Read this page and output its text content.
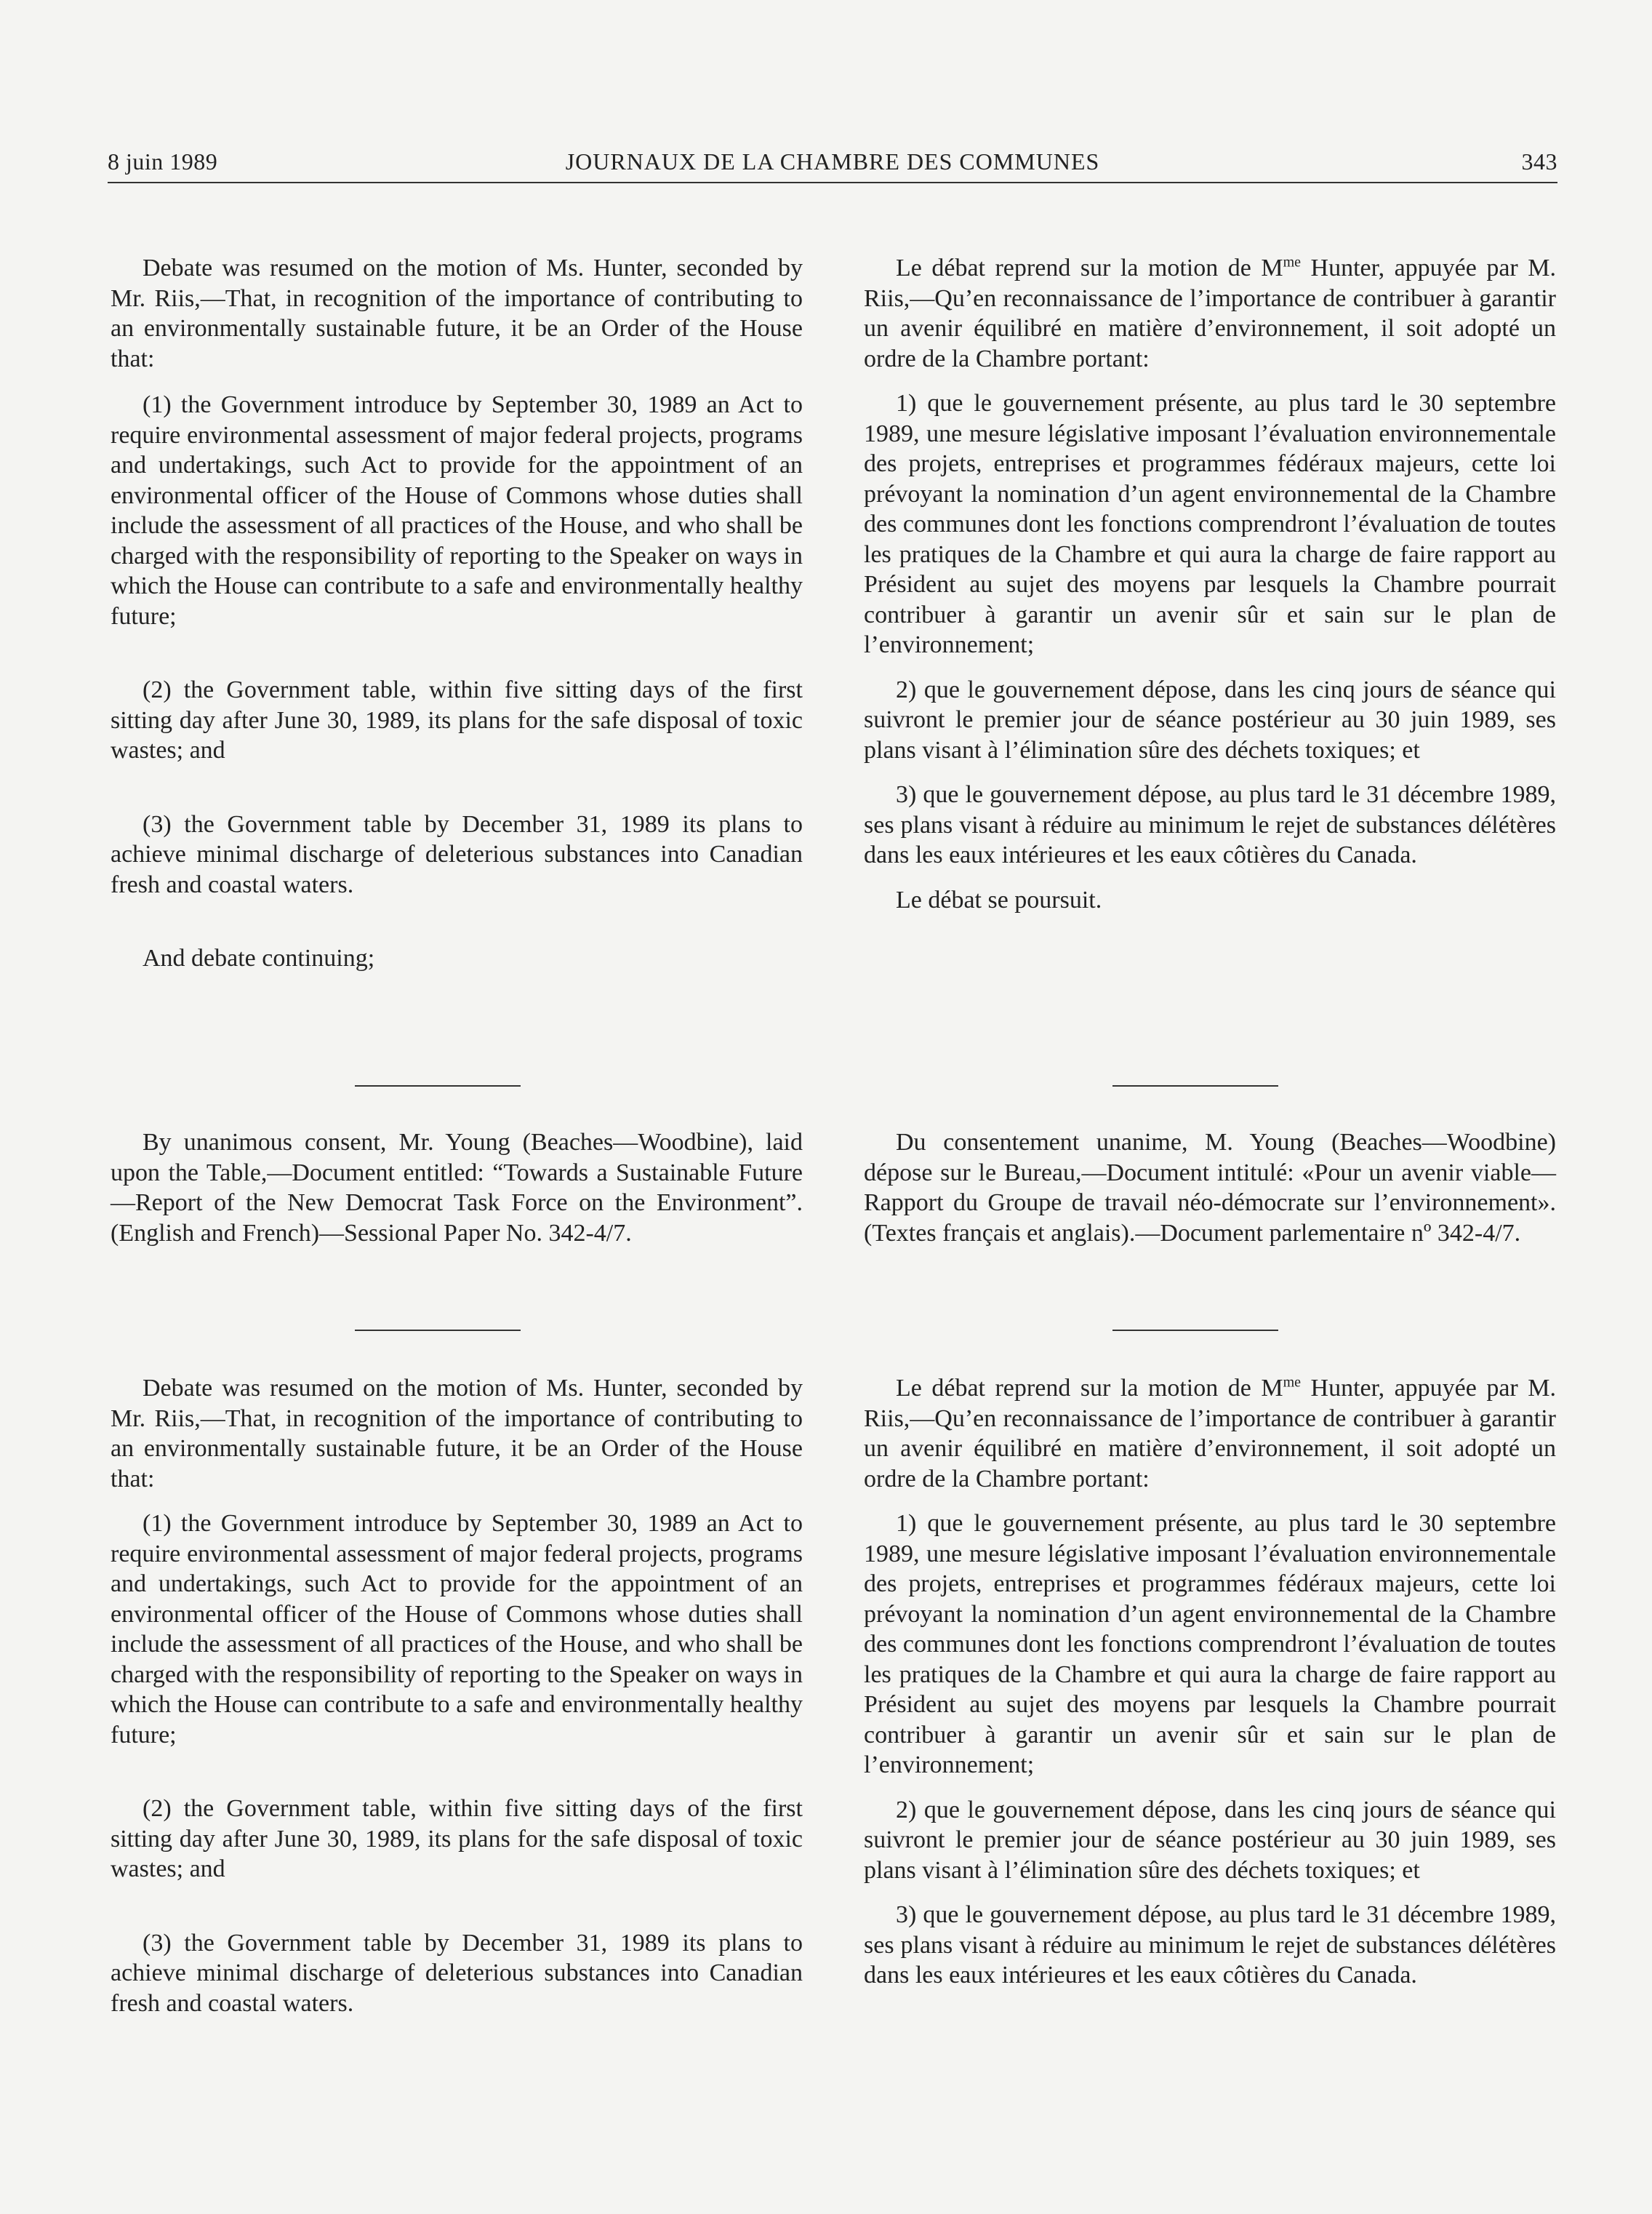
8 juin 1989	JOURNAUX DE LA CHAMBRE DES COMMUNES	343

Debate was resumed on the motion of Ms. Hunter, seconded by Mr. Riis,—That, in recognition of the importance of contributing to an environmentally sustainable future, it be an Order of the House that:

(1) the Government introduce by September 30, 1989 an Act to require environmental assessment of major federal projects, programs and undertakings, such Act to provide for the appointment of an environmental officer of the House of Commons whose duties shall include the assessment of all practices of the House, and who shall be charged with the responsibility of reporting to the Speaker on ways in which the House can contribute to a safe and environmentally healthy future;

(2) the Government table, within five sitting days of the first sitting day after June 30, 1989, its plans for the safe disposal of toxic wastes; and

(3) the Government table by December 31, 1989 its plans to achieve minimal discharge of deleterious substances into Canadian fresh and coastal waters.

And debate continuing;

Le débat reprend sur la motion de $M^{me}$ Hunter, appuyée par M. Riis,—Qu’en reconnaissance de l’importance de contribuer à garantir un avenir équilibré en matière d’environnement, il soit adopté un ordre de la Chambre portant:

1) que le gouvernement présente, au plus tard le 30 septembre 1989, une mesure législative imposant l’évaluation environnementale des projets, entreprises et programmes fédéraux majeurs, cette loi prévoyant la nomination d’un agent environnemental de la Chambre des communes dont les fonctions comprendront l’évaluation de toutes les pratiques de la Chambre et qui aura la charge de faire rapport au Président au sujet des moyens par lesquels la Chambre pourrait contribuer à garantir un avenir sûr et sain sur le plan de l’environnement;

2) que le gouvernement dépose, dans les cinq jours de séance qui suivront le premier jour de séance postérieur au 30 juin 1989, ses plans visant à l’élimination sûre des déchets toxiques; et

3) que le gouvernement dépose, au plus tard le 31 décembre 1989, ses plans visant à réduire au minimum le rejet de substances délétères dans les eaux intérieures et les eaux côtières du Canada.

Le débat se poursuit.

By unanimous consent, Mr. Young (Beaches—Woodbine), laid upon the Table,—Document entitled: “Towards a Sustainable Future—Report of the New Democrat Task Force on the Environment”. (English and French)—Sessional Paper No. 342-4/7.

Du consentement unanime, M. Young (Beaches—Woodbine) dépose sur le Bureau,—Document intitulé: «Pour un avenir viable—Rapport du Groupe de travail néo-démocrate sur l’environnement». (Textes français et anglais).—Document parlementaire nº 342-4/7.

Debate was resumed on the motion of Ms. Hunter, seconded by Mr. Riis,—That, in recognition of the importance of contributing to an environmentally sustainable future, it be an Order of the House that:

(1) the Government introduce by September 30, 1989 an Act to require environmental assessment of major federal projects, programs and undertakings, such Act to provide for the appointment of an environmental officer of the House of Commons whose duties shall include the assessment of all practices of the House, and who shall be charged with the responsibility of reporting to the Speaker on ways in which the House can contribute to a safe and environmentally healthy future;

(2) the Government table, within five sitting days of the first sitting day after June 30, 1989, its plans for the safe disposal of toxic wastes; and

(3) the Government table by December 31, 1989 its plans to achieve minimal discharge of deleterious substances into Canadian fresh and coastal waters.

Le débat reprend sur la motion de $M^{me}$ Hunter, appuyée par M. Riis,—Qu’en reconnaissance de l’importance de contribuer à garantir un avenir équilibré en matière d’environnement, il soit adopté un ordre de la Chambre portant:

1) que le gouvernement présente, au plus tard le 30 septembre 1989, une mesure législative imposant l’évaluation environnementale des projets, entreprises et programmes fédéraux majeurs, cette loi prévoyant la nomination d’un agent environnemental de la Chambre des communes dont les fonctions comprendront l’évaluation de toutes les pratiques de la Chambre et qui aura la charge de faire rapport au Président au sujet des moyens par lesquels la Chambre pourrait contribuer à garantir un avenir sûr et sain sur le plan de l’environnement;

2) que le gouvernement dépose, dans les cinq jours de séance qui suivront le premier jour de séance postérieur au 30 juin 1989, ses plans visant à l’élimination sûre des déchets toxiques; et

3) que le gouvernement dépose, au plus tard le 31 décembre 1989, ses plans visant à réduire au minimum le rejet de substances délétères dans les eaux intérieures et les eaux côtières du Canada.
